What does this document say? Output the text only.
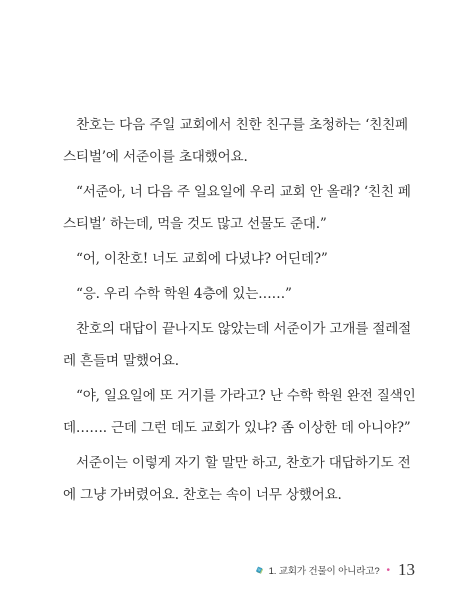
찬호는 다음 주일 교회에서 친한 친구를 초청하는 ‘친친페
스티벌’에 서준이를 초대했어요.
“서준아, 너 다음 주 일요일에 우리 교회 안 올래? ‘친친 페
스티벌’ 하는데, 먹을 것도 많고 선물도 준대.”
“어, 이찬호! 너도 교회에 다녔냐? 어딘데?”
“응. 우리 수학 학원 4층에 있는……”
찬호의 대답이 끝나지도 않았는데 서준이가 고개를 절레절
레 흔들며 말했어요.
“야, 일요일에 또 거기를 가라고? 난 수학 학원 완전 질색인
데……. 근데 그런 데도 교회가 있냐? 좀 이상한 데 아니야?”
서준이는 이렇게 자기 할 말만 하고, 찬호가 대답하기도 전
에 그냥 가버렸어요. 찬호는 속이 너무 상했어요.
1. 교회가 건물이 아니라고? • 13
